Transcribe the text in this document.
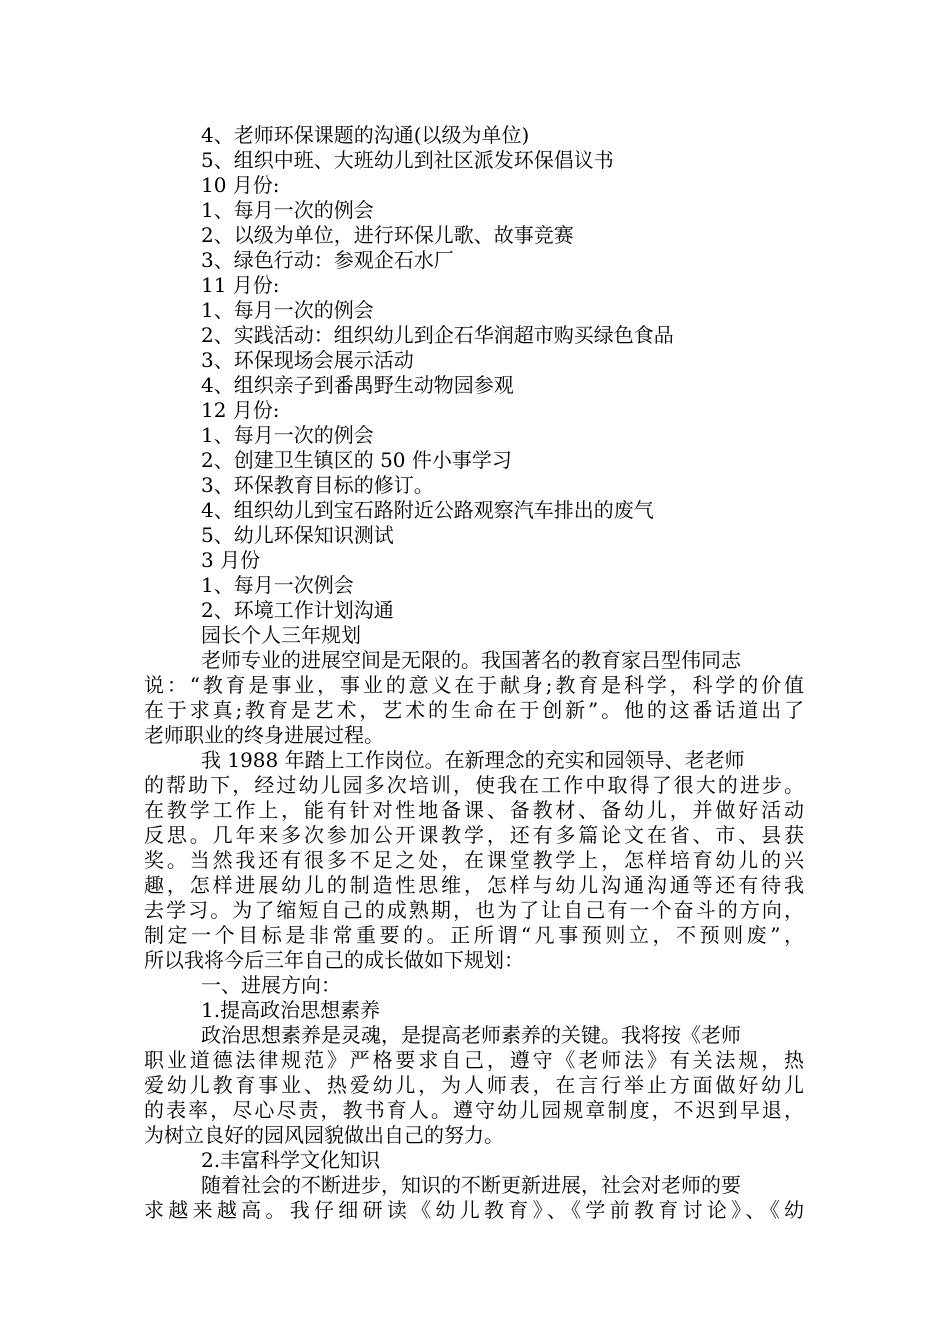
4、老师环保课题的沟通(以级为单位)
5、组织中班、大班幼儿到社区派发环保倡议书
10 月份:
1、每月一次的例会
2、以级为单位，进行环保儿歌、故事竞赛
3、绿色行动：参观企石水厂
11 月份:
1、每月一次的例会
2、实践活动：组织幼儿到企石华润超市购买绿色食品
3、环保现场会展示活动
4、组织亲子到番禺野生动物园参观
12 月份:
1、每月一次的例会
2、创建卫生镇区的 50 件小事学习
3、环保教育目标的修订。
4、组织幼儿到宝石路附近公路观察汽车排出的废气
5、幼儿环保知识测试
3 月份
1、每月一次例会
2、环境工作计划沟通
园长个人三年规划
老师专业的进展空间是无限的。我国著名的教育家吕型伟同志
说：“教育是事业，事业的意义在于献身;教育是科学，科学的价值
在于求真;教育是艺术，艺术的生命在于创新”。他的这番话道出了
老师职业的终身进展过程。
我 1988 年踏上工作岗位。在新理念的充实和园领导、老老师
的帮助下，经过幼儿园多次培训，使我在工作中取得了很大的进步。
在教学工作上，能有针对性地备课、备教材、备幼儿，并做好活动
反思。几年来多次参加公开课教学，还有多篇论文在省、市、县获
奖。当然我还有很多不足之处，在课堂教学上，怎样培育幼儿的兴
趣，怎样进展幼儿的制造性思维，怎样与幼儿沟通沟通等还有待我
去学习。为了缩短自己的成熟期，也为了让自己有一个奋斗的方向，
制定一个目标是非常重要的。正所谓“凡事预则立，不预则废”，
所以我将今后三年自己的成长做如下规划：
一、进展方向：
1.提高政治思想素养
政治思想素养是灵魂，是提高老师素养的关键。我将按《老师
职业道德法律规范》严格要求自己，遵守《老师法》有关法规，热
爱幼儿教育事业、热爱幼儿，为人师表，在言行举止方面做好幼儿
的表率，尽心尽责，教书育人。遵守幼儿园规章制度，不迟到早退，
为树立良好的园风园貌做出自己的努力。
2.丰富科学文化知识
随着社会的不断进步，知识的不断更新进展，社会对老师的要
求越来越高。我仔细研读《幼儿教育》、《学前教育讨论》、《幼
